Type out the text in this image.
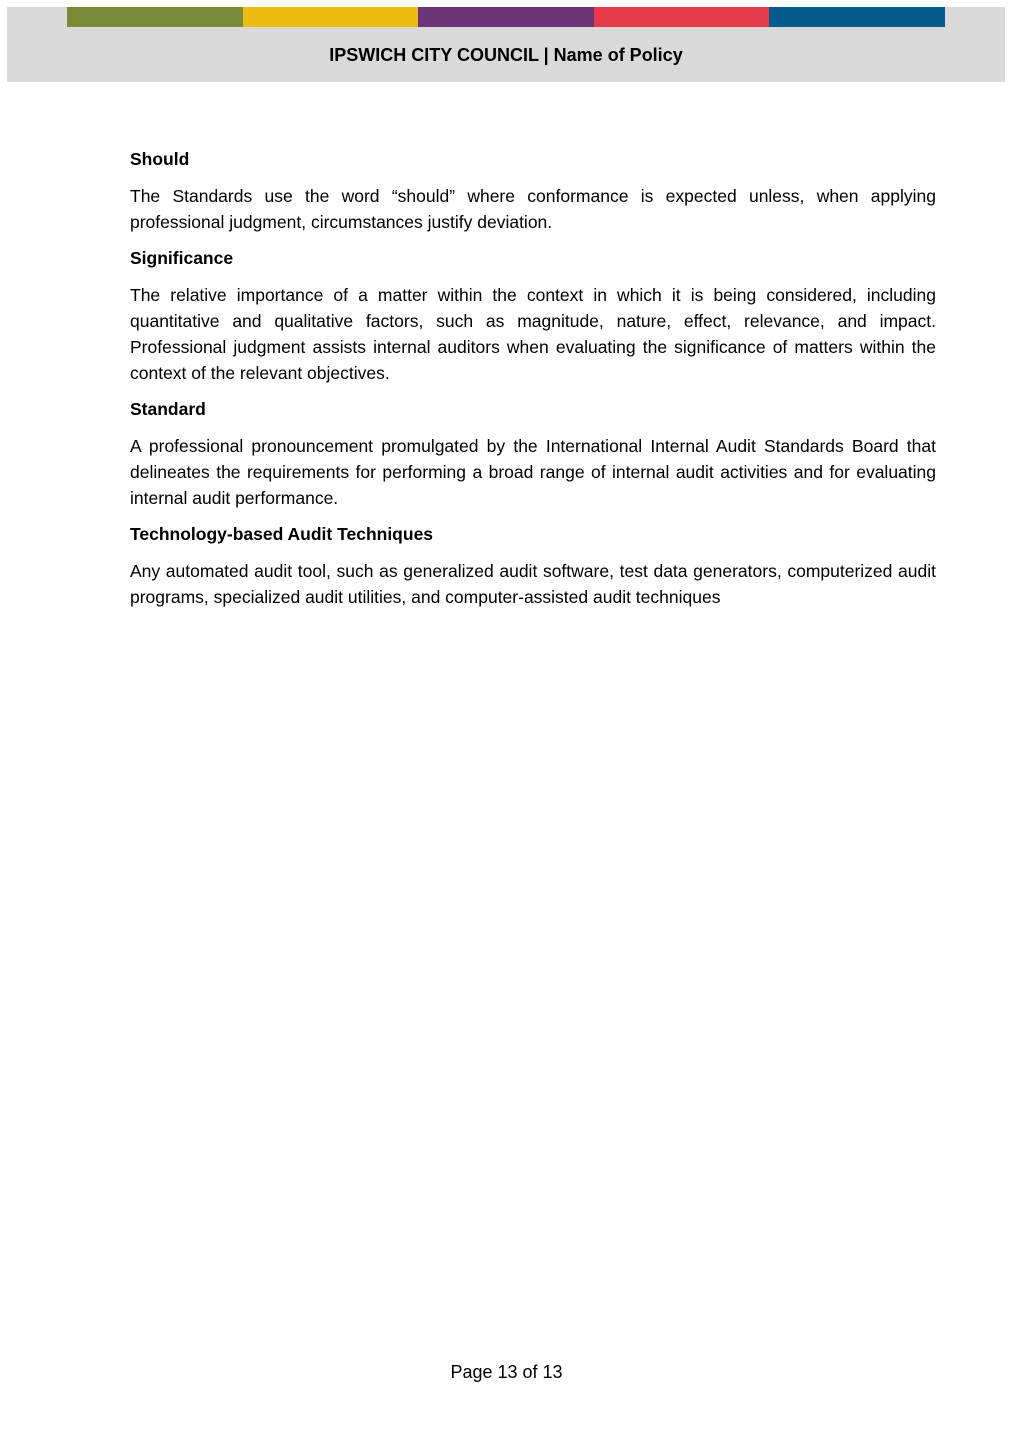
IPSWICH CITY COUNCIL | Name of Policy

Should

The Standards use the word “should” where conformance is expected unless, when applying professional judgment, circumstances justify deviation.

Significance

The relative importance of a matter within the context in which it is being considered, including quantitative and qualitative factors, such as magnitude, nature, effect, relevance, and impact. Professional judgment assists internal auditors when evaluating the significance of matters within the context of the relevant objectives.

Standard

A professional pronouncement promulgated by the International Internal Audit Standards Board that delineates the requirements for performing a broad range of internal audit activities and for evaluating internal audit performance.

Technology-based Audit Techniques

Any automated audit tool, such as generalized audit software, test data generators, computerized audit programs, specialized audit utilities, and computer-assisted audit techniques

Page 13 of 13
